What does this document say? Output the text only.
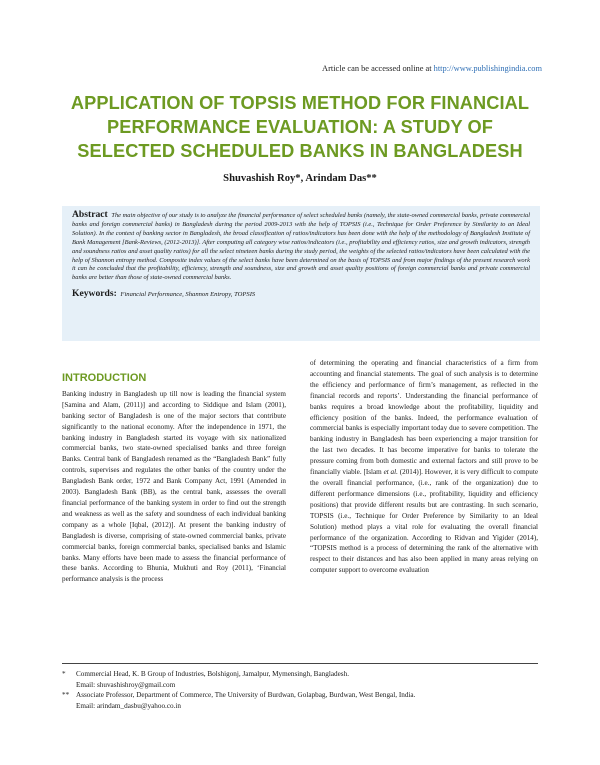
Article can be accessed online at http://www.publishingindia.com
APPLICATION OF TOPSIS METHOD FOR FINANCIAL
PERFORMANCE EVALUATION: A STUDY OF
SELECTED SCHEDULED BANKS IN BANGLADESH
Shuvashish Roy*, Arindam Das**

Abstract The main objective of our study is to analyze the financial performance of select scheduled banks (namely, the state-owned commercial banks, private commercial banks and foreign commercial banks) in Bangladesh during the period 2009-2013 with the help of TOPSIS (i.e., Technique for Order Preference by Similarity to an Ideal Solution). In the context of banking sector in Bangladesh, the broad classification of ratios/indicators has been done with the help of the methodology of Bangladesh Institute of Bank Management [Bank-Reviews, (2012-2013)]. After computing all category wise ratios/indicators (i.e., profitability and efficiency ratios, size and growth indicators, strength and soundness ratios and asset quality ratios) for all the select nineteen banks during the study period, the weights of the selected ratios/indicators have been calculated with the help of Shannon entropy method. Composite index values of the select banks have been determined on the basis of TOPSIS and from major findings of the present research work it can be concluded that the profitability, efficiency, strength and soundness, size and growth and asset quality positions of foreign commercial banks and private commercial banks are better than those of state-owned commercial banks.

Keywords: Financial Performance, Shannon Entropy, TOPSIS
INTRODUCTION

Banking industry in Bangladesh up till now is leading the financial system [Samina and Alam, (2011)] and according to Siddique and Islam (2001), banking sector of Bangladesh is one of the major sectors that contribute significantly to the national economy. After the independence in 1971, the banking industry in Bangladesh started its voyage with six nationalized commercial banks, two state-owned specialised banks and three foreign Banks. Central bank of Bangladesh renamed as the “Bangladesh Bank” fully controls, supervises and regulates the other banks of the country under the Bangladesh Bank order, 1972 and Bank Company Act, 1991 (Amended in 2003). Bangladesh Bank (BB), as the central bank, assesses the overall financial performance of the banking system in order to find out the strength and weakness as well as the safety and soundness of each individual banking company as a whole [Iqbal, (2012)]. At present the banking industry of Bangladesh is diverse, comprising of state-owned commercial banks, private commercial banks, foreign commercial banks, specialised banks and Islamic banks. Many efforts have been made to assess the financial performance of these banks. According to Bhunia, Mukhuti and Roy (2011), ‘Financial performance analysis is the process

of determining the operating and financial characteristics of a firm from accounting and financial statements. The goal of such analysis is to determine the efficiency and performance of firm’s management, as reflected in the financial records and reports’. Understanding the financial performance of banks requires a broad knowledge about the profitability, liquidity and efficiency position of the banks. Indeed, the performance evaluation of commercial banks is especially important today due to severe competition. The banking industry in Bangladesh has been experiencing a major transition for the last two decades. It has become imperative for banks to tolerate the pressure coming from both domestic and external factors and still prove to be financially viable. [Islam et al. (2014)]. However, it is very difficult to compute the overall financial performance, (i.e., rank of the organization) due to different performance dimensions (i.e., profitability, liquidity and efficiency positions) that provide different results but are contrasting. In such scenario, TOPSIS (i.e., Technique for Order Preference by Similarity to an Ideal Solution) method plays a vital role for evaluating the overall financial performance of the organization. According to Ridvan and Yigider (2014), “TOPSIS method is a process of determining the rank of the alternative with respect to their distances and has also been applied in many areas relying on computer support to overcome evaluation

*	Commercial Head, K. B Group of Industries, Bolshigonj, Jamalpur, Mymensingh, Bangladesh.
Email: shuvashishroy@gmail.com
** Associate Professor, Department of Commerce, The University of Burdwan, Golapbag, Burdwan, West Bengal, India.
Email: arindam_dasbu@yahoo.co.in
